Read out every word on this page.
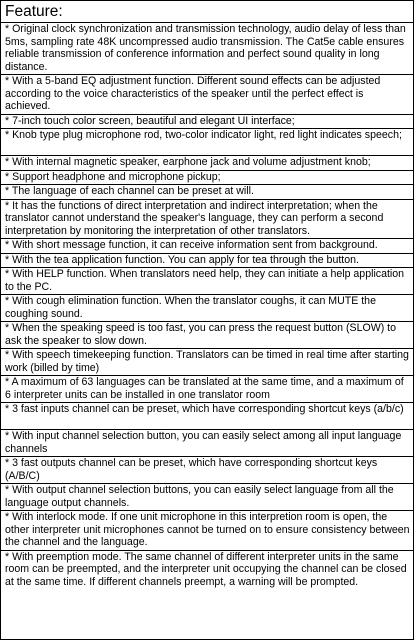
Feature:
* Original clock synchronization and transmission technology, audio delay of less than 5ms, sampling rate 48K uncompressed audio transmission. The Cat5e cable ensures reliable transmission of conference information and perfect sound quality in long distance.
* With a 5-band EQ adjustment function. Different sound effects can be adjusted according to the voice characteristics of the speaker until the perfect effect is achieved.
* 7-inch touch color screen, beautiful and elegant UI interface;
* Knob type plug microphone rod, two-color indicator light, red light indicates speech;
* With internal magnetic speaker, earphone jack and volume adjustment knob;
* Support headphone and microphone pickup;
* The language of each channel can be preset at will.
* It has the functions of direct interpretation and indirect interpretation; when the translator cannot understand the speaker's language, they can perform a second interpretation by monitoring the interpretation of other translators.
* With short message function, it can receive information sent from background.
* With the tea application function. You can apply for tea through the button.
* With HELP function. When translators need help, they can initiate a help application to the PC.
* With cough elimination function. When the translator coughs, it can MUTE the coughing sound.
* When the speaking speed is too fast, you can press the request button (SLOW) to ask the speaker to slow down.
* With speech timekeeping function. Translators can be timed in real time after starting work (billed by time)
* A maximum of 63 languages can be translated at the same time, and a maximum of 6 interpreter units can be installed in one translator room
* 3 fast inputs channel can be preset, which have corresponding shortcut keys (a/b/c)
* With input channel selection button, you can easily select among all input language channels
* 3 fast outputs channel can be preset, which have corresponding shortcut keys (A/B/C)
* With output channel selection buttons, you can easily select language from all the language output channels.
* With interlock mode. If one unit microphone in this interpretion room is open, the other interpreter unit microphones cannot be turned on to ensure consistency between the channel and the language.
* With preemption mode. The same channel of different interpreter units in the same room can be preempted, and the interpreter unit occupying the channel can be closed at the same time. If different channels preempt, a warning will be prompted.
